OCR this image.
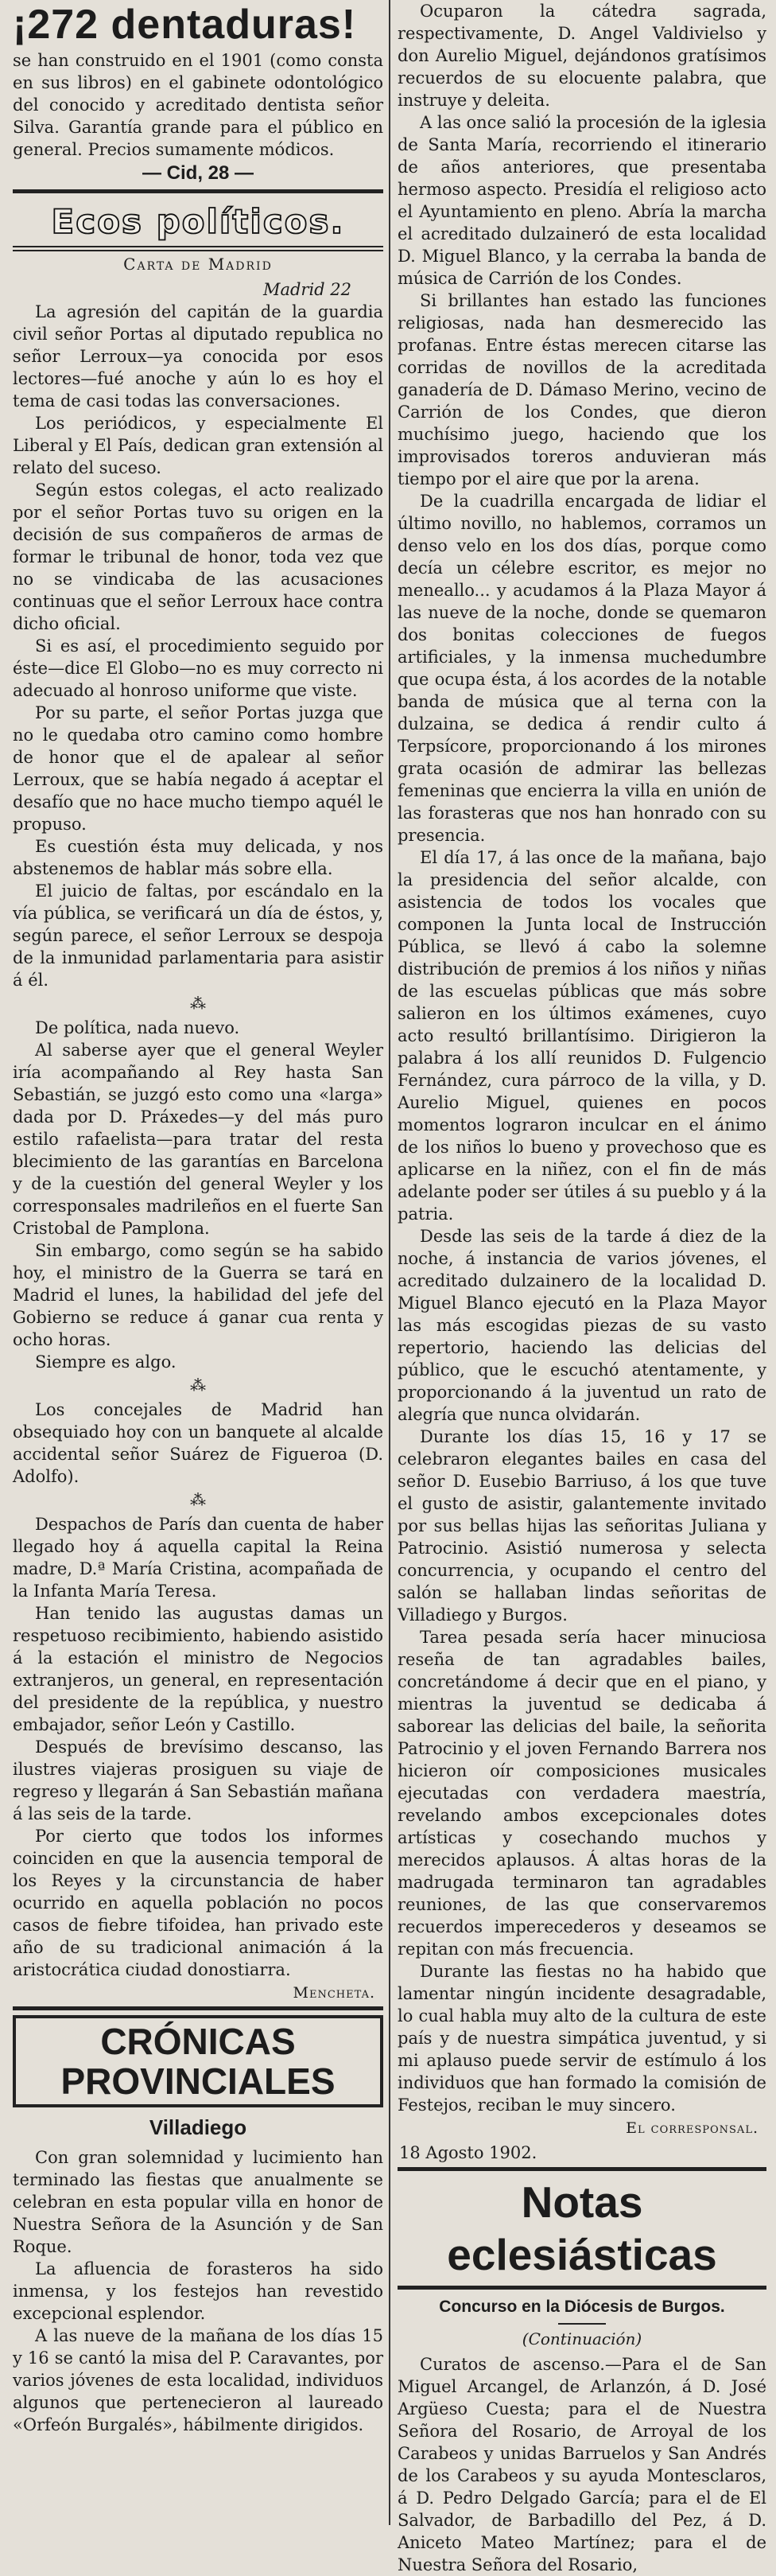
¡272 dentaduras!

se han construido en el 1901 (como consta en sus libros) en el gabinete odontológico del conocido y acreditado dentista señor Silva. Garantía grande para el público en general. Precios sumamente módicos.

— Cid, 28 —
Ecos políticos.
Carta de Madrid
Madrid 22

La agresión del capitán de la guardia civil señor Portas al diputado republica no señor Lerroux—ya conocida por esos lectores—fué anoche y aún lo es hoy el tema de casi todas las conversaciones.

Los periódicos, y especialmente El Liberal y El País, dedican gran extensión al relato del suceso.

Según estos colegas, el acto realizado por el señor Portas tuvo su origen en la decisión de sus compañeros de armas de formar le tribunal de honor, toda vez que no se vindicaba de las acusaciones continuas que el señor Lerroux hace contra dicho oficial.

Si es así, el procedimiento seguido por éste—dice El Globo—no es muy correcto ni adecuado al honroso uniforme que viste.

Por su parte, el señor Portas juzga que no le quedaba otro camino como hombre de honor que el de apalear al señor Lerroux, que se había negado á aceptar el desafío que no hace mucho tiempo aquél le propuso.

Es cuestión ésta muy delicada, y nos abstenemos de hablar más sobre ella.

El juicio de faltas, por escándalo en la vía pública, se verificará un día de éstos, y, según parece, el señor Lerroux se despoja de la inmunidad parlamentaria para asistir á él.

⁂

De política, nada nuevo.

Al saberse ayer que el general Weyler iría acompañando al Rey hasta San Sebastián, se juzgó esto como una «larga» dada por D. Práxedes—y del más puro estilo rafaelista—para tratar del resta blecimiento de las garantías en Barcelona y de la cuestión del general Weyler y los corresponsales madrileños en el fuerte San Cristobal de Pamplona.

Sin embargo, como según se ha sabido hoy, el ministro de la Guerra se tará en Madrid el lunes, la habilidad del jefe del Gobierno se reduce á ganar cua renta y ocho horas.

Siempre es algo.

⁂

Los concejales de Madrid han obsequiado hoy con un banquete al alcalde accidental señor Suárez de Figueroa (D. Adolfo).

⁂

Despachos de París dan cuenta de haber llegado hoy á aquella capital la Reina madre, D.ª María Cristina, acompañada de la Infanta María Teresa.

Han tenido las augustas damas un respetuoso recibimiento, habiendo asistido á la estación el ministro de Negocios extranjeros, un general, en representación del presidente de la república, y nuestro embajador, señor León y Castillo.

Después de brevísimo descanso, las ilustres viajeras prosiguen su viaje de regreso y llegarán á San Sebastián mañana á las seis de la tarde.

Por cierto que todos los informes coinciden en que la ausencia temporal de los Reyes y la circunstancia de haber ocurrido en aquella población no pocos casos de fiebre tifoidea, han privado este año de su tradicional animación á la aristocrática ciudad donostiarra.

Mencheta.
CRÓNICAS PROVINCIALES
Villadiego

Con gran solemnidad y lucimiento han terminado las fiestas que anualmente se celebran en esta popular villa en honor de Nuestra Señora de la Asunción y de San Roque.

La afluencia de forasteros ha sido inmensa, y los festejos han revestido excepcional esplendor.

A las nueve de la mañana de los días 15 y 16 se cantó la misa del P. Caravantes, por varios jóvenes de esta localidad, individuos algunos que pertenecieron al laureado «Orfeón Burgalés», hábilmente dirigidos.

Ocuparon la cátedra sagrada, respectivamente, D. Angel Valdivielso y don Aurelio Miguel, dejándonos gratísimos recuerdos de su elocuente palabra, que instruye y deleita.

A las once salió la procesión de la iglesia de Santa María, recorriendo el itinerario de años anteriores, que presentaba hermoso aspecto. Presidía el religioso acto el Ayuntamiento en pleno. Abría la marcha el acreditado dulzaineró de esta localidad D. Miguel Blanco, y la cerraba la banda de música de Carrión de los Condes.

Si brillantes han estado las funciones religiosas, nada han desmerecido las profanas. Entre éstas merecen citarse las corridas de novillos de la acreditada ganadería de D. Dámaso Merino, vecino de Carrión de los Condes, que dieron muchísimo juego, haciendo que los improvisados toreros anduvieran más tiempo por el aire que por la arena.

De la cuadrilla encargada de lidiar el último novillo, no hablemos, corramos un denso velo en los dos días, porque como decía un célebre escritor, es mejor no meneallo... y acudamos á la Plaza Mayor á las nueve de la noche, donde se quemaron dos bonitas colecciones de fuegos artificiales, y la inmensa muchedumbre que ocupa ésta, á los acordes de la notable banda de música que al terna con la dulzaina, se dedica á rendir culto á Terpsícore, proporcionando á los mirones grata ocasión de admirar las bellezas femeninas que encierra la villa en unión de las forasteras que nos han honrado con su presencia.

El día 17, á las once de la mañana, bajo la presidencia del señor alcalde, con asistencia de todos los vocales que componen la Junta local de Instrucción Pública, se llevó á cabo la solemne distribución de premios á los niños y niñas de las escuelas públicas que más sobre salieron en los últimos exámenes, cuyo acto resultó brillantísimo. Dirigieron la palabra á los allí reunidos D. Fulgencio Fernández, cura párroco de la villa, y D. Aurelio Miguel, quienes en pocos momentos lograron inculcar en el ánimo de los niños lo bueno y provechoso que es aplicarse en la niñez, con el fin de más adelante poder ser útiles á su pueblo y á la patria.

Desde las seis de la tarde á diez de la noche, á instancia de varios jóvenes, el acreditado dulzainero de la localidad D. Miguel Blanco ejecutó en la Plaza Mayor las más escogidas piezas de su vasto repertorio, haciendo las delicias del público, que le escuchó atentamente, y proporcionando á la juventud un rato de alegría que nunca olvidarán.

Durante los días 15, 16 y 17 se celebraron elegantes bailes en casa del señor D. Eusebio Barriuso, á los que tuve el gusto de asistir, galantemente invitado por sus bellas hijas las señoritas Juliana y Patrocinio. Asistió numerosa y selecta concurrencia, y ocupando el centro del salón se hallaban lindas señoritas de Villadiego y Burgos.

Tarea pesada sería hacer minuciosa reseña de tan agradables bailes, concretándome á decir que en el piano, y mientras la juventud se dedicaba á saborear las delicias del baile, la señorita Patrocinio y el joven Fernando Barrera nos hicieron oír composiciones musicales ejecutadas con verdadera maestría, revelando ambos excepcionales dotes artísticas y cosechando muchos y merecidos aplausos. Á altas horas de la madrugada terminaron tan agradables reuniones, de las que conservaremos recuerdos imperecederos y deseamos se repitan con más frecuencia.

Durante las fiestas no ha habido que lamentar ningún incidente desagradable, lo cual habla muy alto de la cultura de este país y de nuestra simpática juventud, y si mi aplauso puede servir de estímulo á los individuos que han formado la comisión de Festejos, reciban le muy sincero.

El corresponsal.
18 Agosto 1902.
Notas eclesiásticas
Concurso en la Diócesis de Burgos.
(Continuación)

Curatos de ascenso.—Para el de San Miguel Arcangel, de Arlanzón, á D. José Argüeso Cuesta; para el de Nuestra Señora del Rosario, de Arroyal de los Carabeos y unidas Barruelos y San Andrés de los Carabeos y su ayuda Montesclaros, á D. Pedro Delgado García; para el de El Salvador, de Barbadillo del Pez, á D. Aniceto Mateo Martínez; para el de Nuestra Señora del Rosario,
